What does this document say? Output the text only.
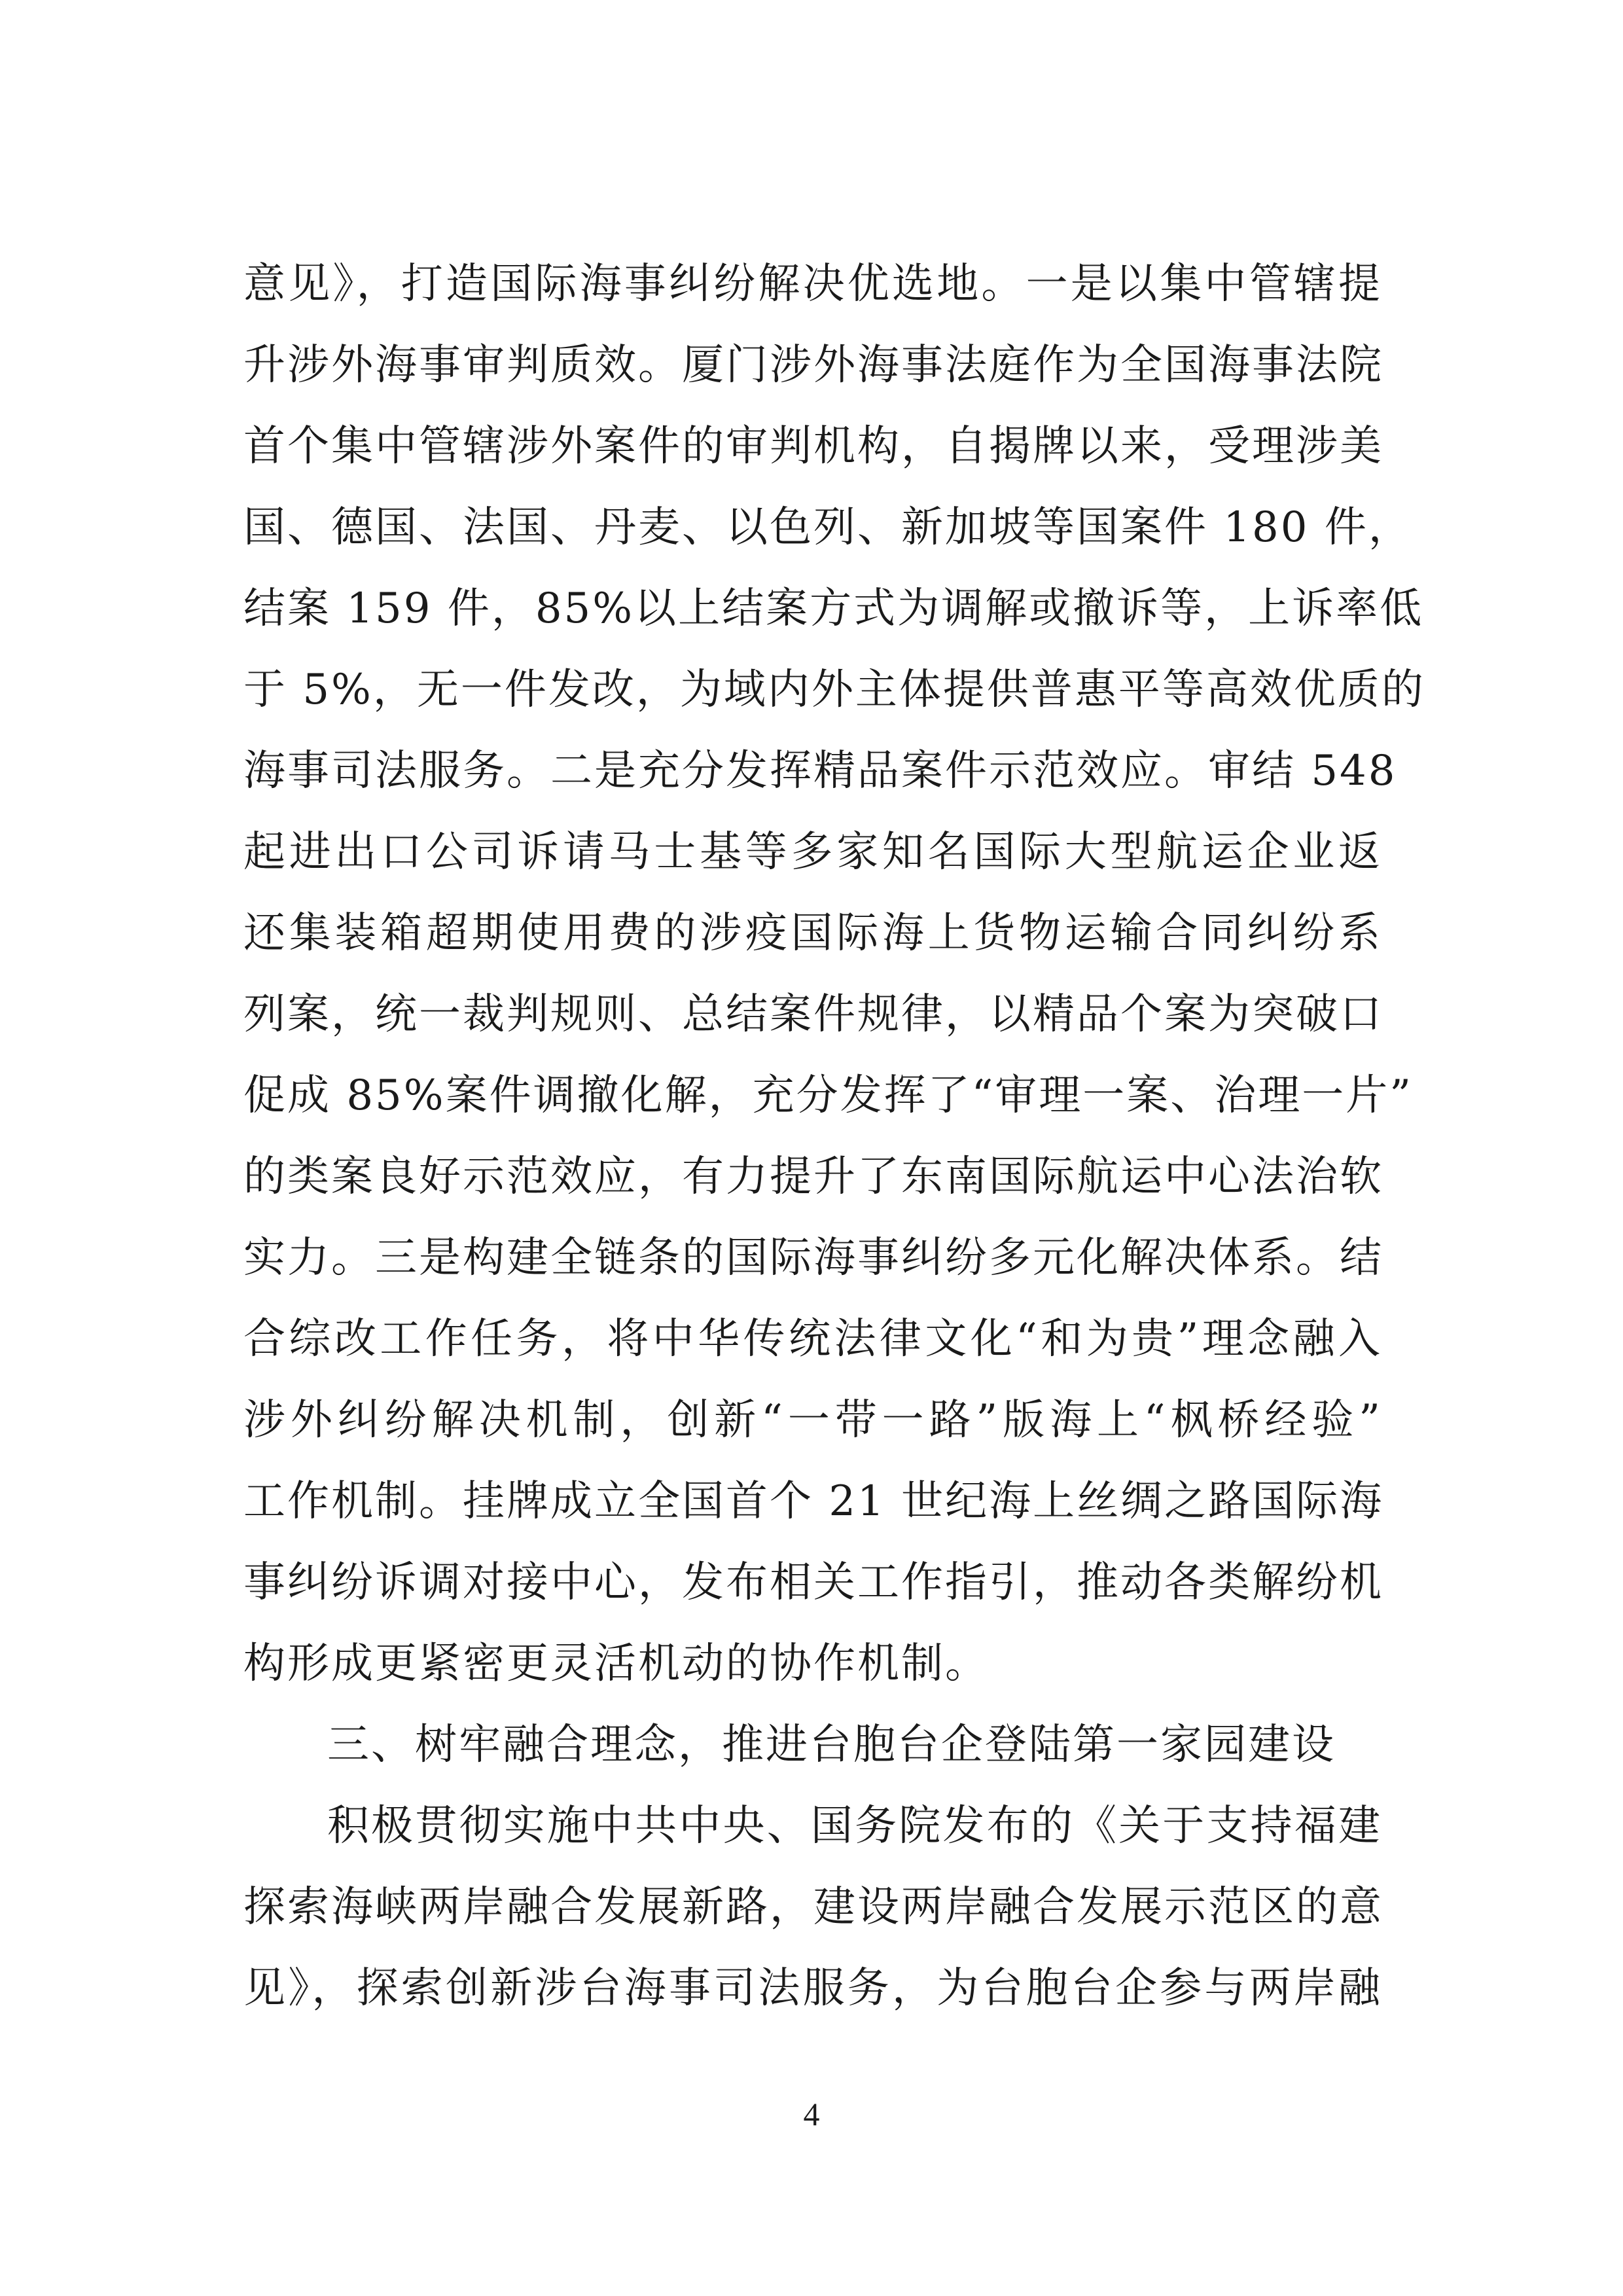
意见》，打造国际海事纠纷解决优选地。一是以集中管辖提
升涉外海事审判质效。厦门涉外海事法庭作为全国海事法院
首个集中管辖涉外案件的审判机构，自揭牌以来，受理涉美
国、德国、法国、丹麦、以色列、新加坡等国案件 180 件，
结案 159 件，85%以上结案方式为调解或撤诉等，上诉率低
于 5%，无一件发改，为域内外主体提供普惠平等高效优质的
海事司法服务。二是充分发挥精品案件示范效应。审结 548
起进出口公司诉请马士基等多家知名国际大型航运企业返
还集装箱超期使用费的涉疫国际海上货物运输合同纠纷系
列案，统一裁判规则、总结案件规律，以精品个案为突破口
促成 85%案件调撤化解，充分发挥了“审理一案、治理一片”
的类案良好示范效应，有力提升了东南国际航运中心法治软
实力。三是构建全链条的国际海事纠纷多元化解决体系。结
合综改工作任务，将中华传统法律文化“和为贵”理念融入
涉外纠纷解决机制，创新“一带一路”版海上“枫桥经验”
工作机制。挂牌成立全国首个 21 世纪海上丝绸之路国际海
事纠纷诉调对接中心，发布相关工作指引，推动各类解纷机
构形成更紧密更灵活机动的协作机制。
三、树牢融合理念，推进台胞台企登陆第一家园建设
积极贯彻实施中共中央、国务院发布的《关于支持福建
探索海峡两岸融合发展新路，建设两岸融合发展示范区的意
见》，探索创新涉台海事司法服务，为台胞台企参与两岸融
4
